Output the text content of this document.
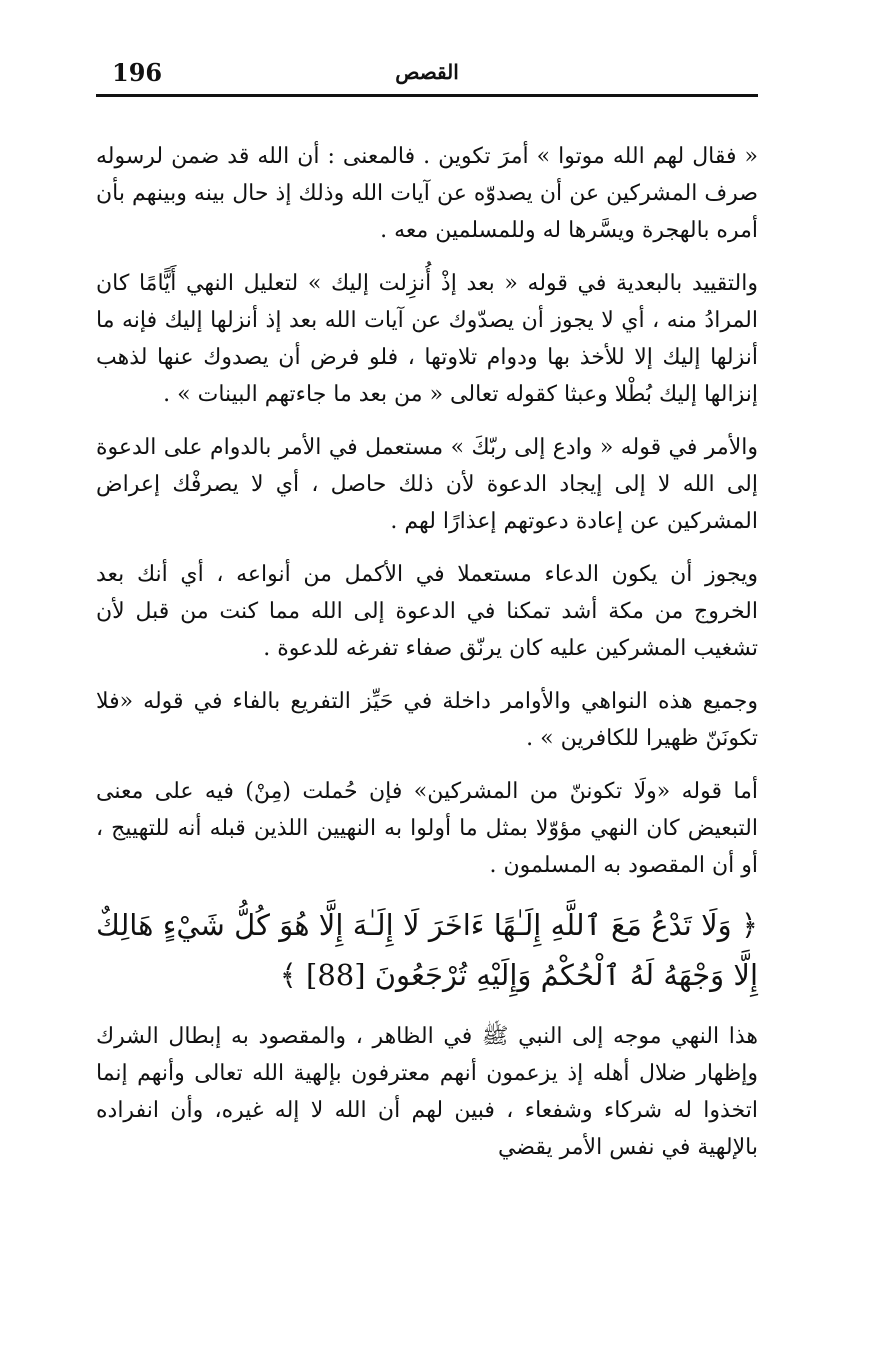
196	القصص

« فقال لهم الله موتوا » أمرَ تكوين . فالمعنى : أن الله قد ضمن لرسوله صرف المشركين عن أن يصدوّه عن آيات الله وذلك إذ حال بينه وبينهم بأن أمره بالهجرة ويسَّرها له وللمسلمين معه .

والتقييد بالبعدية في قوله « بعد إذْ أُنزِلت إليك » لتعليل النهي أَيًّامًا كان المرادُ منه ، أي لا يجوز أن يصدّوك عن آيات الله بعد إذ أنزلها إليك فإنه ما أنزلها إليك إلا للأخذ بها ودوام تلاوتها ، فلو فرض أن يصدوك عنها لذهب إنزالها إليك بُطْلا وعبثا كقوله تعالى « من بعد ما جاءتهم البينات » .

والأمر في قوله « وادع إلى ربّكَ » مستعمل في الأمر بالدوام على الدعوة إلى الله لا إلى إيجاد الدعوة لأن ذلك حاصل ، أي لا يصرفْك إعراض المشركين عن إعادة دعوتهم إعذارًا لهم .

ويجوز أن يكون الدعاء مستعملا في الأكمل من أنواعه ، أي أنك بعد الخروج من مكة أشد تمكنا في الدعوة إلى الله مما كنت من قبل لأن تشغيب المشركين عليه كان يرنّق صفاء تفرغه للدعوة .

وجميع هذه النواهي والأوامر داخلة في حَيِّز التفريع بالفاء في قوله «فلا تكونَنّ ظهيرا للكافرين » .

أما قوله «ولَا تكوننّ من المشركين» فإن حُملت (مِنْ) فيه على معنى التبعيض كان النهي مؤوّلا بمثل ما أولوا به النهيين اللذين قبله أنه للتهييج ، أو أن المقصود به المسلمون .

﴿ وَلَا تَدْعُ مَعَ ٱللَّهِ إِلَـٰهًا ءَاخَرَ لَا إِلَـٰهَ إِلَّا هُوَ كُلُّ شَيْءٍ هَالِكٌ إِلَّا وَجْهَهُ لَهُ ٱلْحُكْمُ وَإِلَيْهِ تُرْجَعُونَ [88] ﴾

هذا النهي موجه إلى النبي ﷺ في الظاهر ، والمقصود به إبطال الشرك وإظهار ضلال أهله إذ يزعمون أنهم معترفون بإلهية الله تعالى وأنهم إنما اتخذوا له شركاء وشفعاء ، فبين لهم أن الله لا إله غيره، وأن انفراده بالإلهية في نفس الأمر يقضي
